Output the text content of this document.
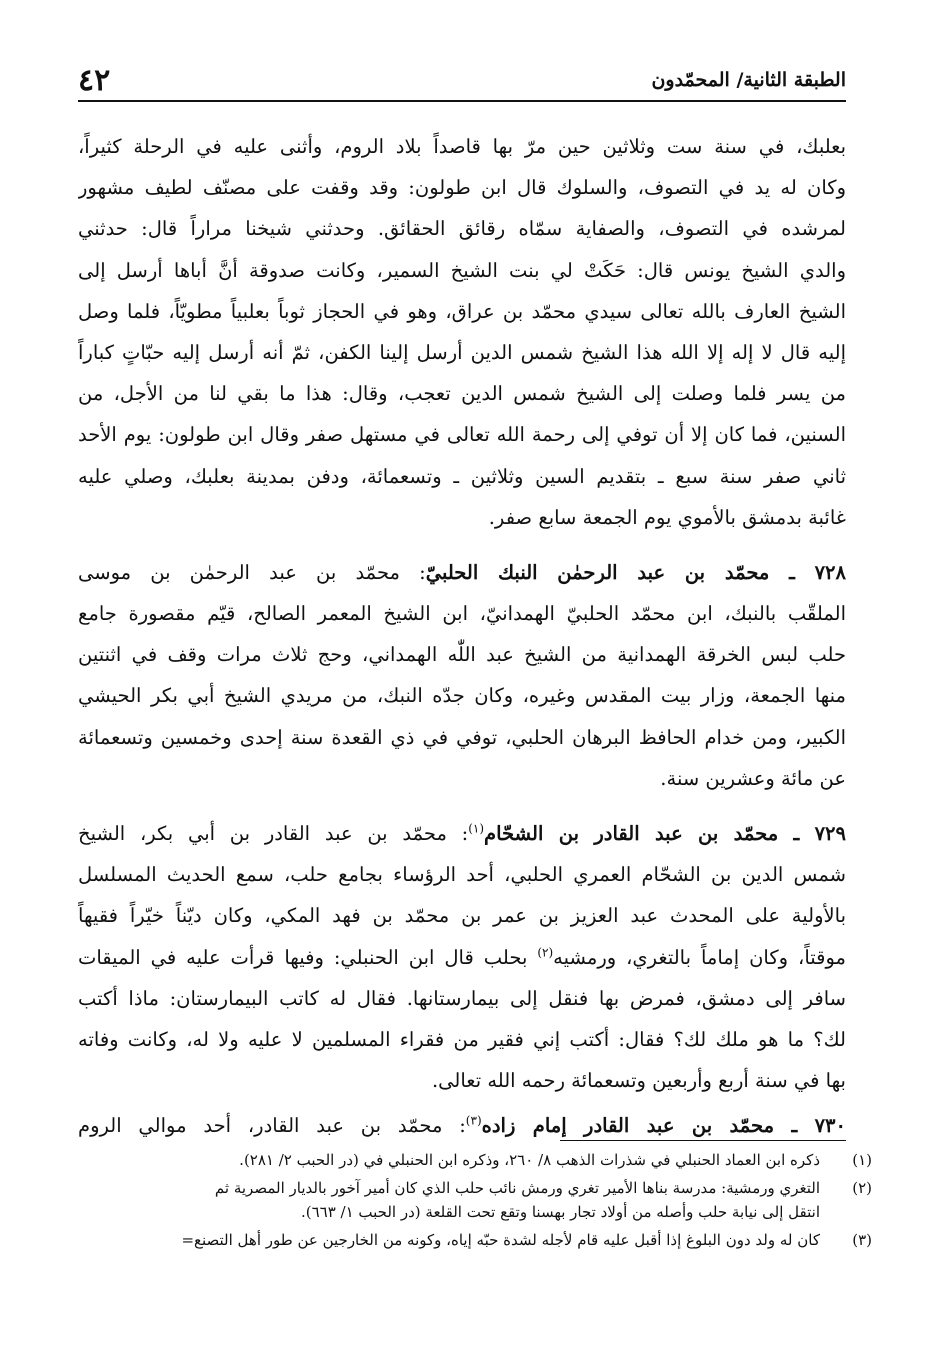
٤٢	الطبقة الثانية/ المحمّدون
بعلبك، في سنة ست وثلاثين حين مرّ بها قاصداً بلاد الروم، وأثنى عليه في الرحلة كثيراً،
وكان له يد في التصوف، والسلوك قال ابن طولون: وقد وقفت على مصنّف لطيف مشهور
لمرشده في التصوف، والصفاية سمّاه رقائق الحقائق. وحدثني شيخنا مراراً قال: حدثني
والدي الشيخ يونس قال: حَكَتْ لي بنت الشيخ السمير، وكانت صدوقة أنَّ أباها أرسل إلى
الشيخ العارف بالله تعالى سيدي محمّد بن عراق، وهو في الحجاز ثوباً بعلبياً مطويّاً، فلما وصل
إليه قال لا إله إلا الله هذا الشيخ شمس الدين أرسل إلينا الكفن، ثمّ أنه أرسل إليه حبّاتٍ كباراً
من يسر فلما وصلت إلى الشيخ شمس الدين تعجب، وقال: هذا ما بقي لنا من الأجل، من
السنين، فما كان إلا أن توفي إلى رحمة الله تعالى في مستهل صفر وقال ابن طولون: يوم الأحد
ثاني صفر سنة سبع ـ بتقديم السين وثلاثين ـ وتسعمائة، ودفن بمدينة بعلبك، وصلي عليه
غائبة بدمشق بالأموي يوم الجمعة سابع صفر.
٧٢٨ ـ محمّد بن عبد الرحمٰن النبك الحلبيّ: محمّد بن عبد الرحمٰن بن موسى
الملقّب بالنبك، ابن محمّد الحلبيّ الهمدانيّ، ابن الشيخ المعمر الصالح، قيّم مقصورة جامع
حلب لبس الخرقة الهمدانية من الشيخ عبد اللّٰه الهمداني، وحج ثلاث مرات وقف في اثنتين
منها الجمعة، وزار بيت المقدس وغيره، وكان جدّه النبك، من مريدي الشيخ أبي بكر الحيشي
الكبير، ومن خدام الحافظ البرهان الحلبي، توفي في ذي القعدة سنة إحدى وخمسين وتسعمائة
عن مائة وعشرين سنة.
٧٢٩ ـ محمّد بن عبد القادر بن الشحّام$^{(١)}$: محمّد بن عبد القادر بن أبي بكر، الشيخ
شمس الدين بن الشحّام العمري الحلبي، أحد الرؤساء بجامع حلب، سمع الحديث المسلسل
بالأولية على المحدث عبد العزيز بن عمر بن محمّد بن فهد المكي، وكان ديّناً خيّراً فقيهاً
موقتاً، وكان إماماً بالتغري، ورمشيه$^{(٢)}$ بحلب قال ابن الحنبلي: وفيها قرأت عليه في الميقات
سافر إلى دمشق، فمرض بها فنقل إلى بيمارستانها. فقال له كاتب البيمارستان: ماذا أكتب
لك؟ ما هو ملك لك؟ فقال: أكتب إني فقير من فقراء المسلمين لا عليه ولا له، وكانت وفاته
بها في سنة أربع وأربعين وتسعمائة رحمه الله تعالى.
٧٣٠ ـ محمّد بن عبد القادر إمام زاده$^{(٣)}$: محمّد بن عبد القادر، أحد موالي الروم
(١)
ذكره ابن العماد الحنبلي في شذرات الذهب ٨/ ٢٦٠، وذكره ابن الحنبلي في (در الحبب ٢/ ٢٨١).
(٢)
التغري ورمشية: مدرسة بناها الأمير تغري ورمش نائب حلب الذي كان أمير آخور بالديار المصرية ثم
انتقل إلى نيابة حلب وأصله من أولاد تجار بهسنا وتقع تحت القلعة (در الحبب ١/ ٦٦٣).
(٣)
كان له ولد دون البلوغ إذا أقبل عليه قام لأجله لشدة حبّه إياه، وكونه من الخارجين عن طور أهل التصنع=
